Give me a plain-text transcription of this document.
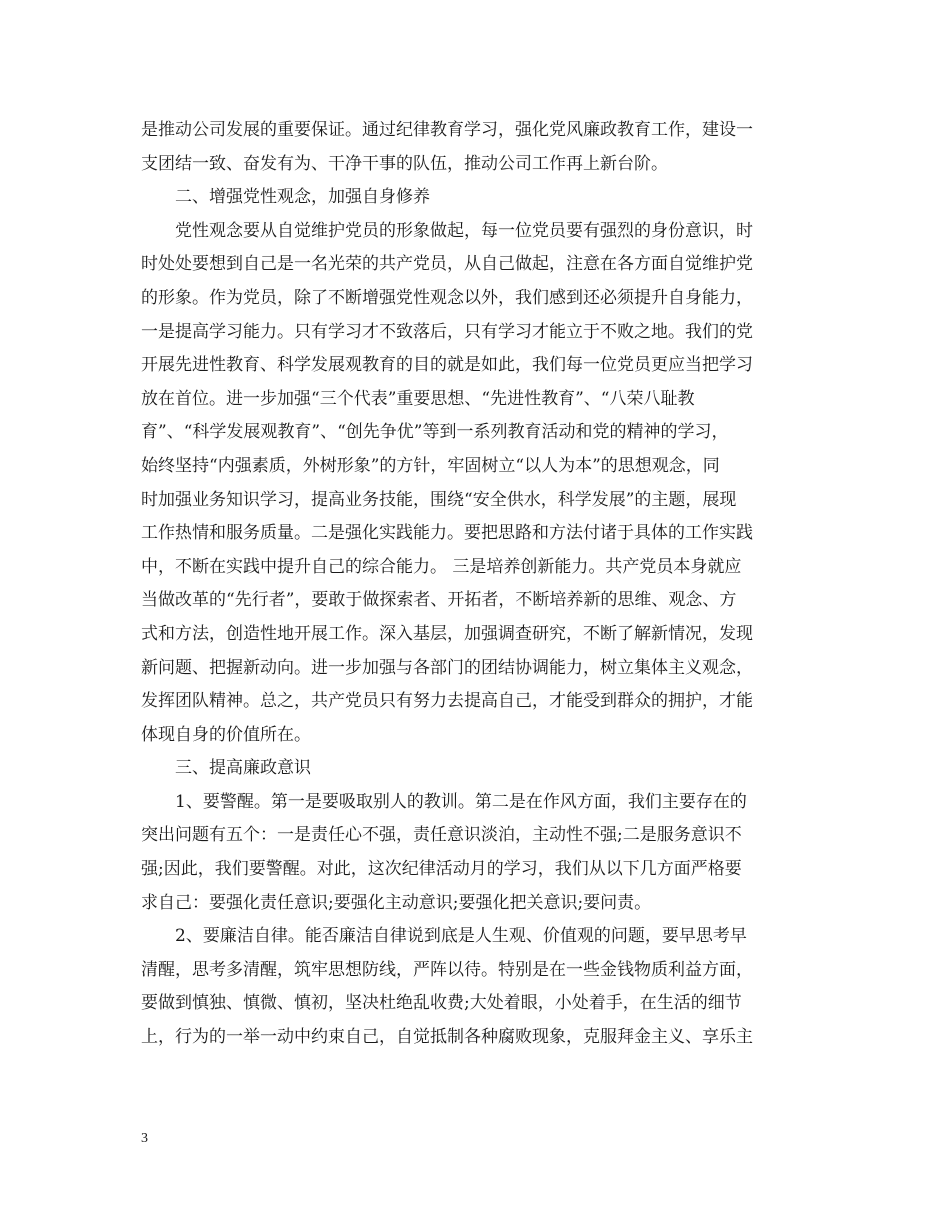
是推动公司发展的重要保证。通过纪律教育学习，强化党风廉政教育工作，建设一
支团结一致、奋发有为、干净干事的队伍，推动公司工作再上新台阶。
二、增强党性观念，加强自身修养
党性观念要从自觉维护党员的形象做起，每一位党员要有强烈的身份意识，时
时处处要想到自己是一名光荣的共产党员，从自己做起，注意在各方面自觉维护党
的形象。作为党员，除了不断增强党性观念以外，我们感到还必须提升自身能力，
一是提高学习能力。只有学习才不致落后，只有学习才能立于不败之地。我们的党
开展先进性教育、科学发展观教育的目的就是如此，我们每一位党员更应当把学习
放在首位。进一步加强“三个代表”重要思想、“先进性教育”、“八荣八耻教
育”、“科学发展观教育”、“创先争优”等到一系列教育活动和党的精神的学习，
始终坚持“内强素质，外树形象”的方针，牢固树立“以人为本”的思想观念，同
时加强业务知识学习，提高业务技能，围绕“安全供水，科学发展”的主题，展现
工作热情和服务质量。二是强化实践能力。要把思路和方法付诸于具体的工作实践
中，不断在实践中提升自己的综合能力。 三是培养创新能力。共产党员本身就应
当做改革的“先行者”，要敢于做探索者、开拓者，不断培养新的思维、观念、方
式和方法，创造性地开展工作。深入基层，加强调查研究，不断了解新情况，发现
新问题、把握新动向。进一步加强与各部门的团结协调能力，树立集体主义观念，
发挥团队精神。总之，共产党员只有努力去提高自己，才能受到群众的拥护，才能
体现自身的价值所在。
三、提高廉政意识
1、要警醒。第一是要吸取别人的教训。第二是在作风方面，我们主要存在的
突出问题有五个：一是责任心不强，责任意识淡泊，主动性不强;二是服务意识不
强;因此，我们要警醒。对此，这次纪律活动月的学习，我们从以下几方面严格要
求自己：要强化责任意识;要强化主动意识;要强化把关意识;要问责。
2、要廉洁自律。能否廉洁自律说到底是人生观、价值观的问题，要早思考早
清醒，思考多清醒，筑牢思想防线，严阵以待。特别是在一些金钱物质利益方面，
要做到慎独、慎微、慎初，坚决杜绝乱收费;大处着眼，小处着手，在生活的细节
上，行为的一举一动中约束自己，自觉抵制各种腐败现象，克服拜金主义、享乐主
3
